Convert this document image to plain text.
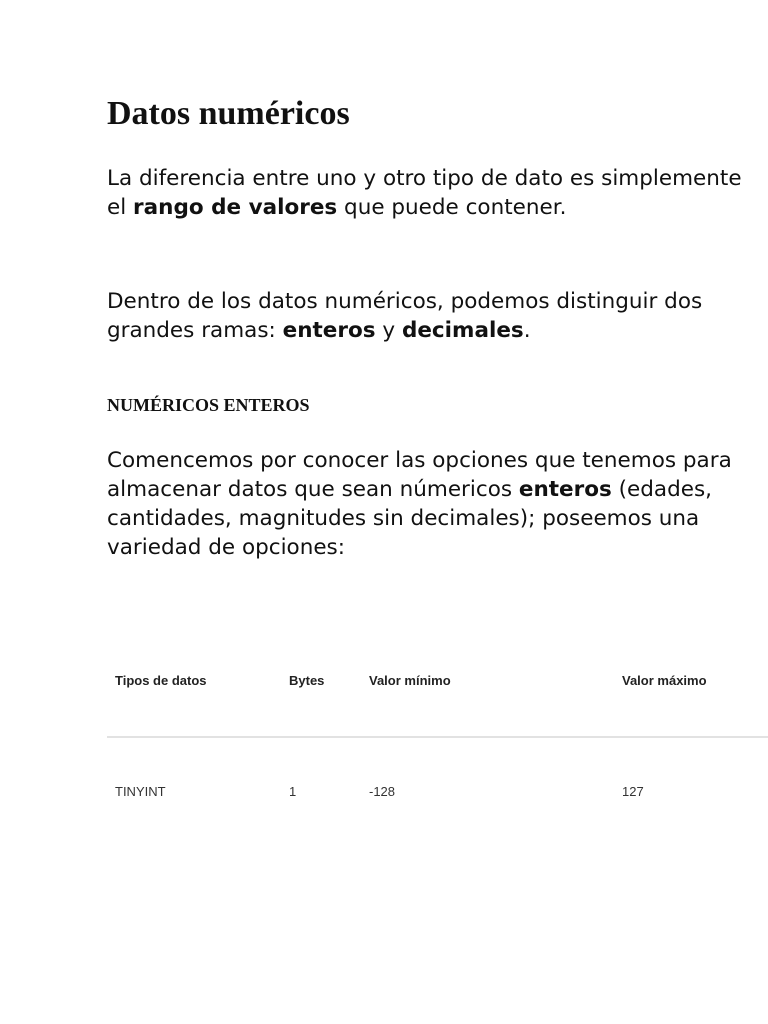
Datos numéricos

La diferencia entre uno y otro tipo de dato es simplemente el rango de valores que puede contener.

Dentro de los datos numéricos, podemos distinguir dos grandes ramas: enteros y decimales.

NUMÉRICOS ENTEROS

Comencemos por conocer las opciones que tenemos para almacenar datos que sean númericos enteros (edades, cantidades, magnitudes sin decimales); poseemos una variedad de opciones:

Tipos de datos	Bytes	Valor mínimo	Valor máximo
TINYINT	1	-128	127
